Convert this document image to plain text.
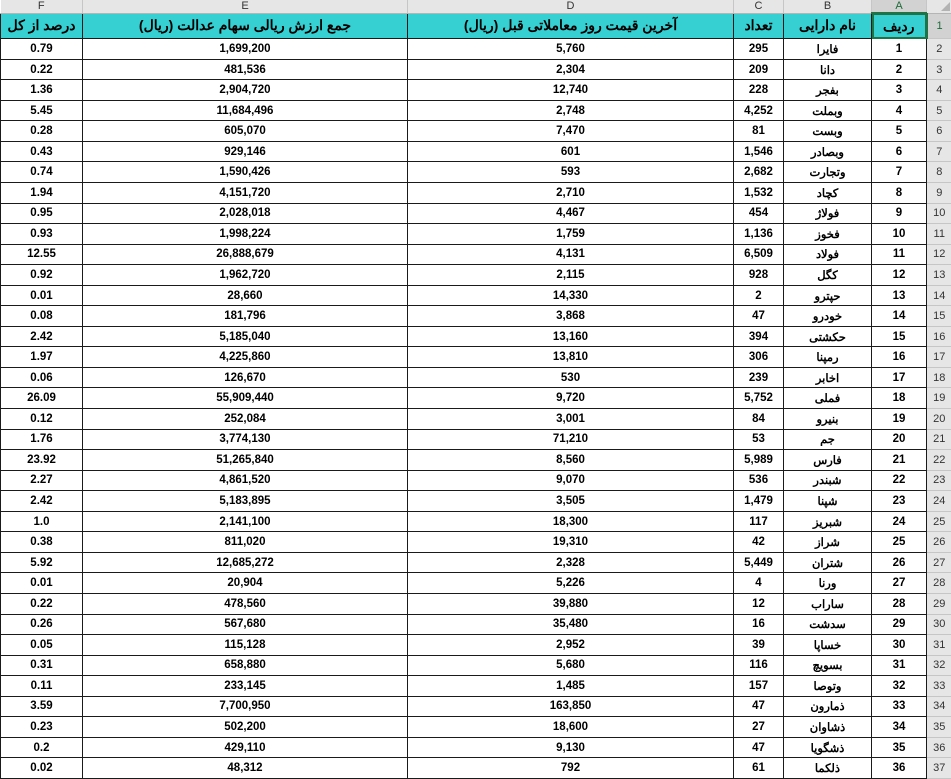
F	E	D	C	B	A	

درصد از کل	جمع ارزش ریالی سهام عدالت (ریال)	آخرین قیمت روز معاملاتی قبل (ریال)	تعداد	نام دارایی	ردیف	1
0.79	1,699,200	5,760	295	فایرا	1	2
0.22	481,536	2,304	209	دانا	2	3
1.36	2,904,720	12,740	228	بفجر	3	4
5.45	11,684,496	2,748	4,252	وبملت	4	5
0.28	605,070	7,470	81	وبست	5	6
0.43	929,146	601	1,546	وبصادر	6	7
0.74	1,590,426	593	2,682	وتجارت	7	8
1.94	4,151,720	2,710	1,532	کچاد	8	9
0.95	2,028,018	4,467	454	فولاژ	9	10
0.93	1,998,224	1,759	1,136	فخوز	10	11
12.55	26,888,679	4,131	6,509	فولاد	11	12
0.92	1,962,720	2,115	928	کگل	12	13
0.01	28,660	14,330	2	حپترو	13	14
0.08	181,796	3,868	47	خودرو	14	15
2.42	5,185,040	13,160	394	حکشتی	15	16
1.97	4,225,860	13,810	306	رمپنا	16	17
0.06	126,670	530	239	اخابر	17	18
26.09	55,909,440	9,720	5,752	فملی	18	19
0.12	252,084	3,001	84	بنیرو	19	20
1.76	3,774,130	71,210	53	جم	20	21
23.92	51,265,840	8,560	5,989	فارس	21	22
2.27	4,861,520	9,070	536	شبندر	22	23
2.42	5,183,895	3,505	1,479	شپنا	23	24
1.0	2,141,100	18,300	117	شبریز	24	25
0.38	811,020	19,310	42	شراز	25	26
5.92	12,685,272	2,328	5,449	شتران	26	27
0.01	20,904	5,226	4	ورنا	27	28
0.22	478,560	39,880	12	ساراب	28	29
0.26	567,680	35,480	16	سدشت	29	30
0.05	115,128	2,952	39	خساپا	30	31
0.31	658,880	5,680	116	بسویچ	31	32
0.11	233,145	1,485	157	وتوصا	32	33
3.59	7,700,950	163,850	47	ذمارون	33	34
0.23	502,200	18,600	27	ذشاوان	34	35
0.2	429,110	9,130	47	ذشگویا	35	36
0.02	48,312	792	61	ذلکما	36	37
